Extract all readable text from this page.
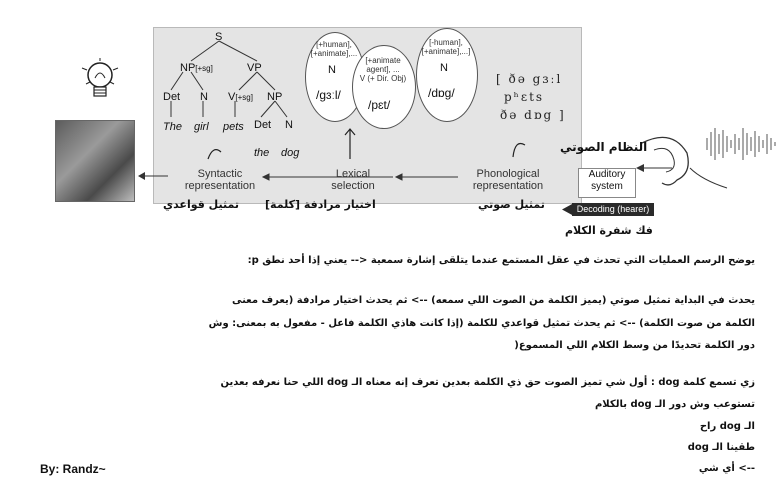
S
NP[+sg]	VP
Det N V[+sg] NP
The girl pets Det N
the dog
[+human],
[+animate],...
N
/gɜːl/
[+animate
agent], ...
V (+ Dir. Obj)
/pɛt/
[-human],
[+animate],...]
N
/dɒg/
[ ðə gɜːl
pʰɛts
ðə dɒg ]
Syntactic
representation
Lexical
selection
Phonological
representation
Auditory
system
Decoding (hearer)
تمثيل قواعدي اختيار مرادفة [كلمة]	تمثيل صوتي
النظام الصوتي
فك شفرة الكلام
يوضح الرسم العمليات التي تحدث في عقل المستمع عندما يتلقى إشارة سمعية <-- يعني إذا أحد نطق p:
يحدث في البداية تمثيل صوتي (يميز الكلمة من الصوت اللي سمعه) --> ثم يحدث اختيار مرادفة (يعرف معنى
الكلمة من صوت الكلمة) --> ثم يحدث تمثيل قواعدي للكلمة (إذا كانت هاذي الكلمة فاعل - مفعول به بمعنى: وش
دور الكلمة تحديدًا من وسط الكلام اللي المسموع(
زي تسمع كلمة dog : أول شي تميز الصوت حق ذي الكلمة بعدين تعرف إنه معناه الـ dog اللي حنا نعرفه بعدين
تستوعب وش دور الـ dog بالكلام
الـ dog راح
طقينا الـ dog
--> أي شي
By: Randz~
